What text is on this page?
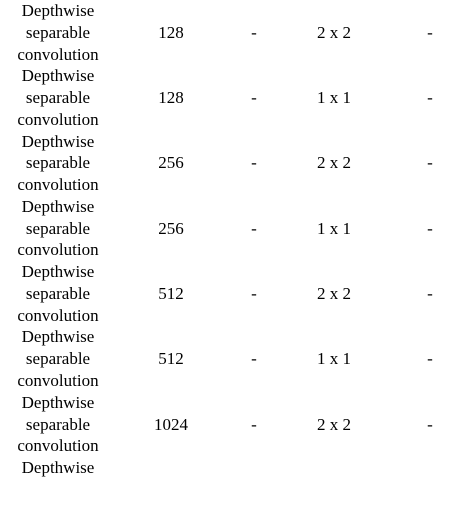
Depthwise
separable
convolution
128	-	2 x 2	-
Depthwise
separable
convolution
128	-	1 x 1	-
Depthwise
separable
convolution
256	-	2 x 2	-
Depthwise
separable
convolution
256	-	1 x 1	-
Depthwise
separable
convolution
512	-	2 x 2	-
Depthwise
separable
convolution
512	-	1 x 1	-
Depthwise
separable
convolution
1024	-	2 x 2	-
Depthwise
